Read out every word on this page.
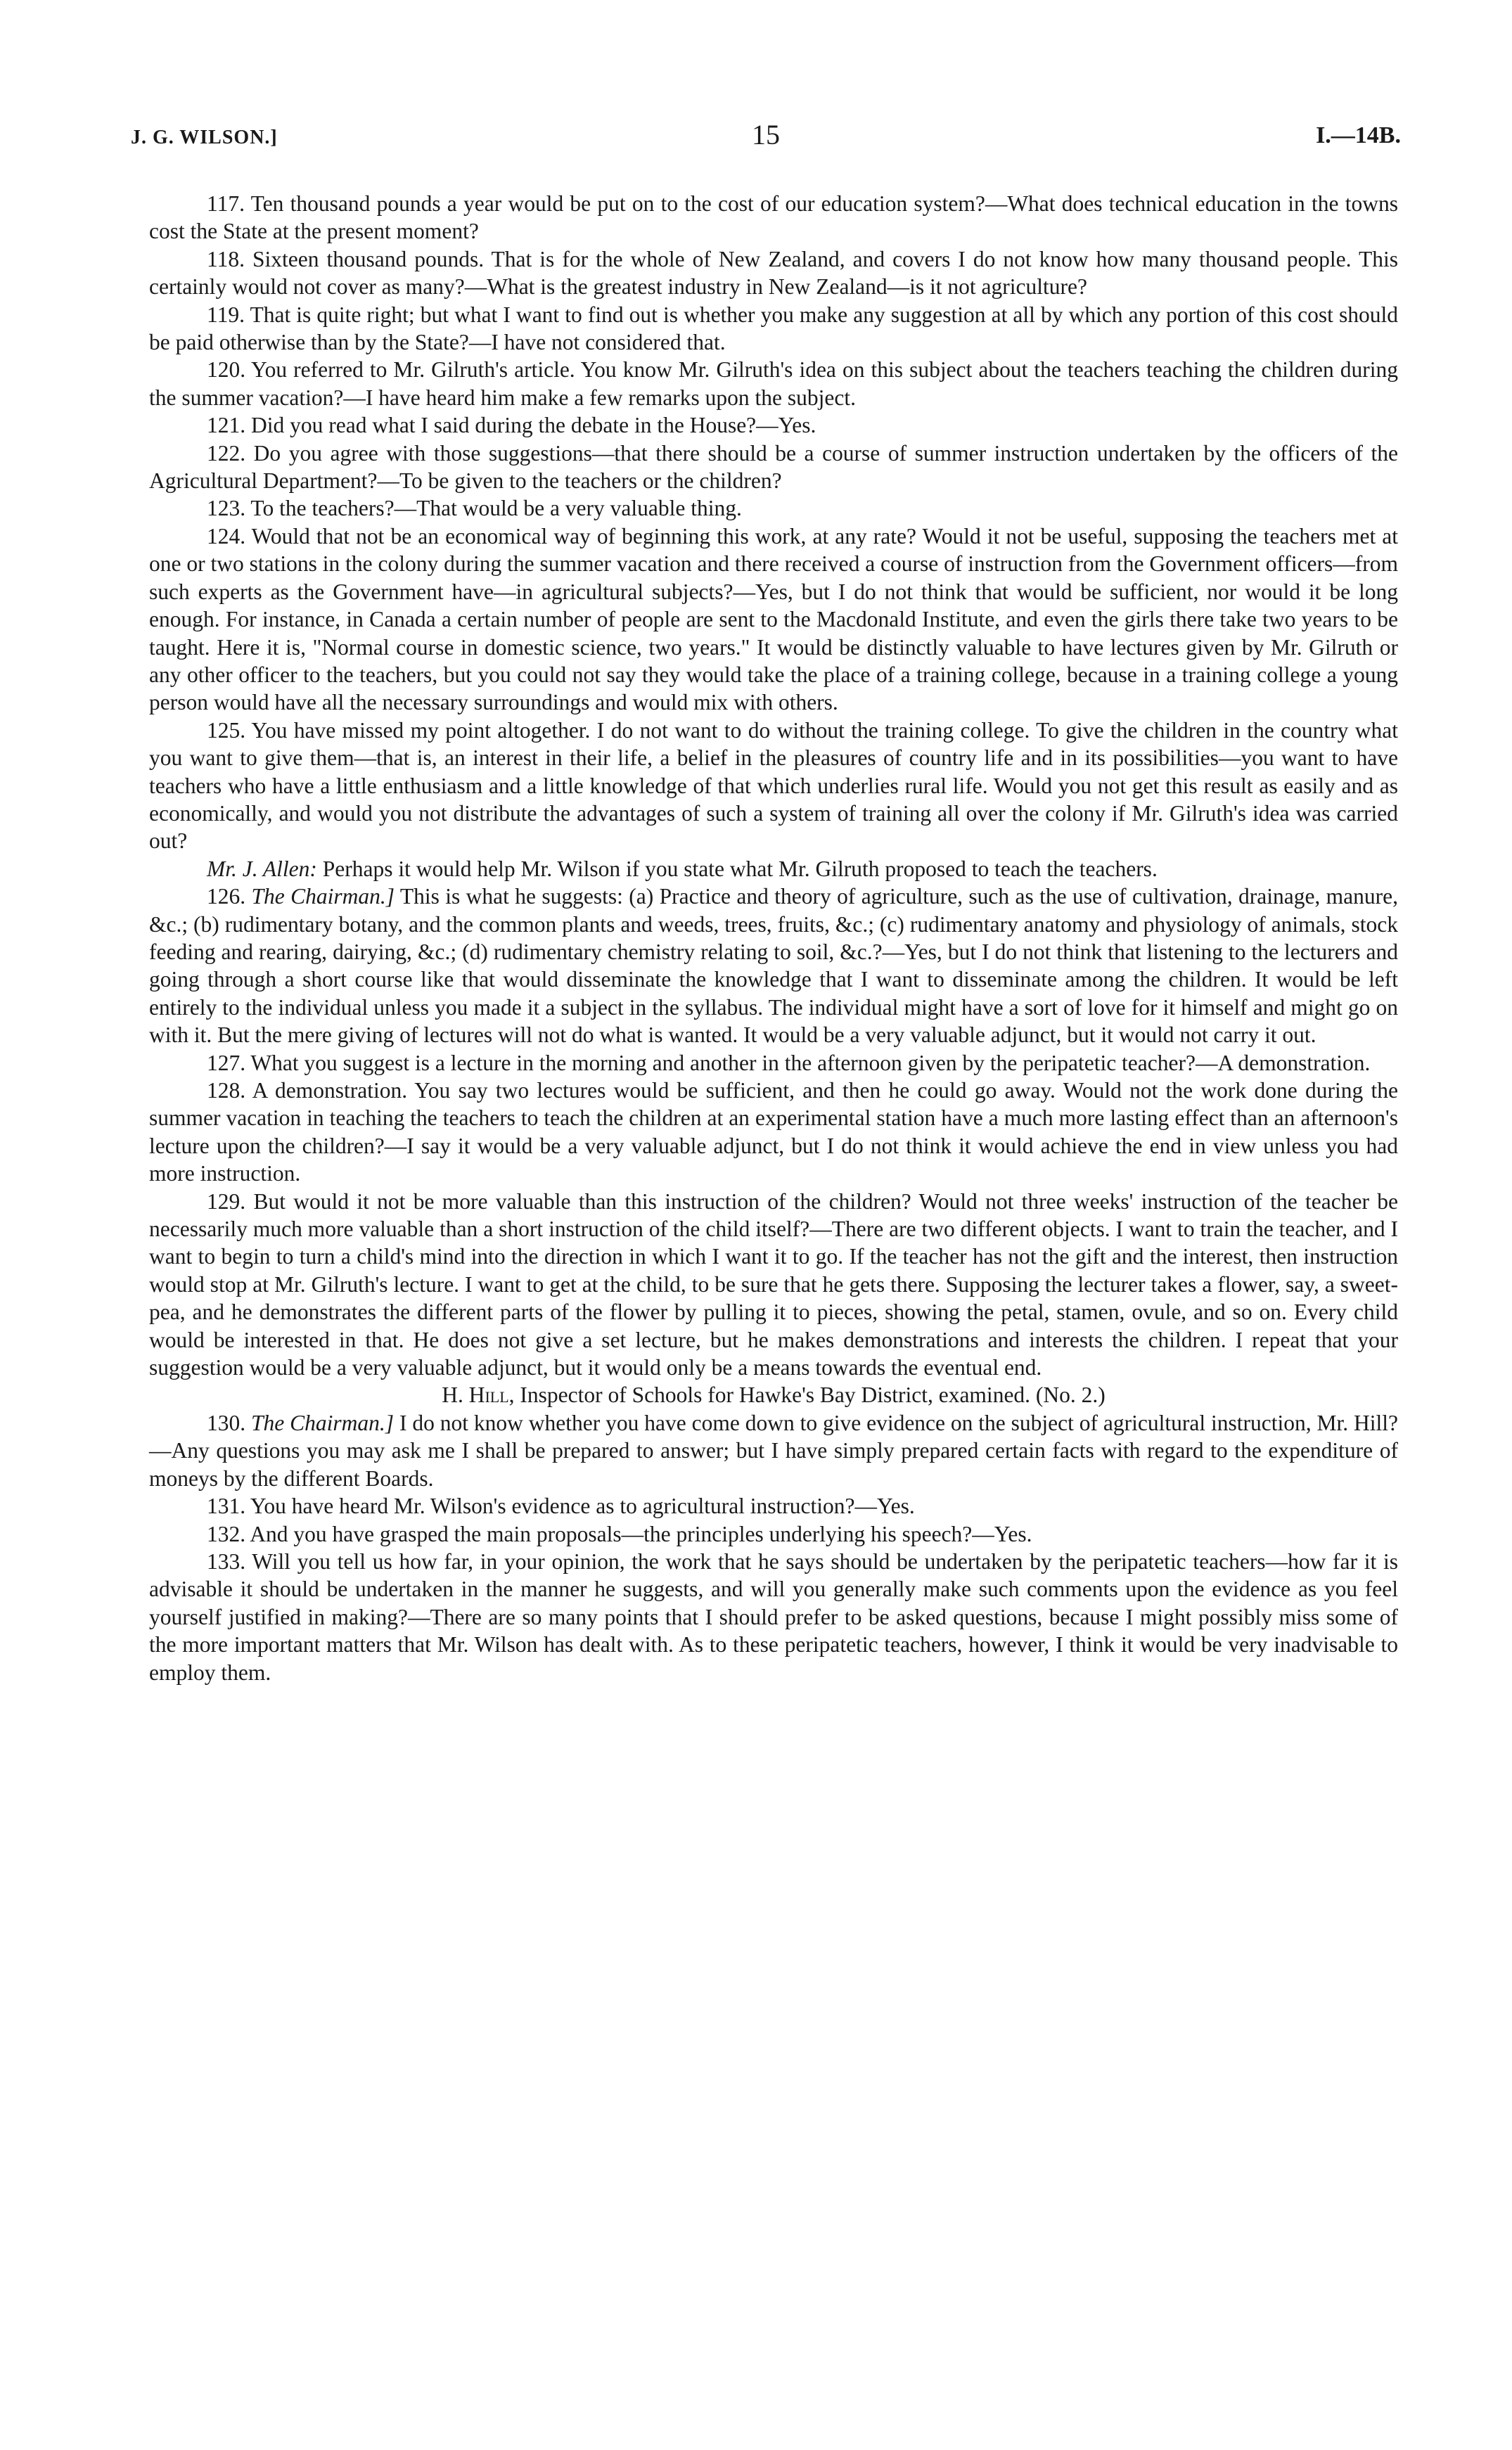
J. G. WILSON.]	15	I.—14B.

117. Ten thousand pounds a year would be put on to the cost of our education system?—What does technical education in the towns cost the State at the present moment?

118. Sixteen thousand pounds. That is for the whole of New Zealand, and covers I do not know how many thousand people. This certainly would not cover as many?—What is the greatest industry in New Zealand—is it not agriculture?

119. That is quite right; but what I want to find out is whether you make any suggestion at all by which any portion of this cost should be paid otherwise than by the State?—I have not considered that.

120. You referred to Mr. Gilruth's article. You know Mr. Gilruth's idea on this subject about the teachers teaching the children during the summer vacation?—I have heard him make a few remarks upon the subject.

121. Did you read what I said during the debate in the House?—Yes.

122. Do you agree with those suggestions—that there should be a course of summer instruction undertaken by the officers of the Agricultural Department?—To be given to the teachers or the children?

123. To the teachers?—That would be a very valuable thing.

124. Would that not be an economical way of beginning this work, at any rate? Would it not be useful, supposing the teachers met at one or two stations in the colony during the summer vacation and there received a course of instruction from the Government officers—from such experts as the Government have—in agricultural subjects?—Yes, but I do not think that would be sufficient, nor would it be long enough. For instance, in Canada a certain number of people are sent to the Macdonald Institute, and even the girls there take two years to be taught. Here it is, "Normal course in domestic science, two years." It would be distinctly valuable to have lectures given by Mr. Gilruth or any other officer to the teachers, but you could not say they would take the place of a training college, because in a training college a young person would have all the necessary surroundings and would mix with others.

125. You have missed my point altogether. I do not want to do without the training college. To give the children in the country what you want to give them—that is, an interest in their life, a belief in the pleasures of country life and in its possibilities—you want to have teachers who have a little enthusiasm and a little knowledge of that which underlies rural life. Would you not get this result as easily and as economically, and would you not distribute the advantages of such a system of training all over the colony if Mr. Gilruth's idea was carried out?

Mr. J. Allen: Perhaps it would help Mr. Wilson if you state what Mr. Gilruth proposed to teach the teachers.

126. The Chairman.] This is what he suggests: (a) Practice and theory of agriculture, such as the use of cultivation, drainage, manure, &c.; (b) rudimentary botany, and the common plants and weeds, trees, fruits, &c.; (c) rudimentary anatomy and physiology of animals, stock feeding and rearing, dairying, &c.; (d) rudimentary chemistry relating to soil, &c.?—Yes, but I do not think that listening to the lecturers and going through a short course like that would disseminate the knowledge that I want to disseminate among the children. It would be left entirely to the individual unless you made it a subject in the syllabus. The individual might have a sort of love for it himself and might go on with it. But the mere giving of lectures will not do what is wanted. It would be a very valuable adjunct, but it would not carry it out.

127. What you suggest is a lecture in the morning and another in the afternoon given by the peripatetic teacher?—A demonstration.

128. A demonstration. You say two lectures would be sufficient, and then he could go away. Would not the work done during the summer vacation in teaching the teachers to teach the children at an experimental station have a much more lasting effect than an afternoon's lecture upon the children?—I say it would be a very valuable adjunct, but I do not think it would achieve the end in view unless you had more instruction.

129. But would it not be more valuable than this instruction of the children? Would not three weeks' instruction of the teacher be necessarily much more valuable than a short instruction of the child itself?—There are two different objects. I want to train the teacher, and I want to begin to turn a child's mind into the direction in which I want it to go. If the teacher has not the gift and the interest, then instruction would stop at Mr. Gilruth's lecture. I want to get at the child, to be sure that he gets there. Supposing the lecturer takes a flower, say, a sweet-pea, and he demonstrates the different parts of the flower by pulling it to pieces, showing the petal, stamen, ovule, and so on. Every child would be interested in that. He does not give a set lecture, but he makes demonstrations and interests the children. I repeat that your suggestion would be a very valuable adjunct, but it would only be a means towards the eventual end.

H. Hill, Inspector of Schools for Hawke's Bay District, examined. (No. 2.)

130. The Chairman.] I do not know whether you have come down to give evidence on the subject of agricultural instruction, Mr. Hill?—Any questions you may ask me I shall be prepared to answer; but I have simply prepared certain facts with regard to the expenditure of moneys by the different Boards.

131. You have heard Mr. Wilson's evidence as to agricultural instruction?—Yes.

132. And you have grasped the main proposals—the principles underlying his speech?—Yes.

133. Will you tell us how far, in your opinion, the work that he says should be undertaken by the peripatetic teachers—how far it is advisable it should be undertaken in the manner he suggests, and will you generally make such comments upon the evidence as you feel yourself justified in making?—There are so many points that I should prefer to be asked questions, because I might possibly miss some of the more important matters that Mr. Wilson has dealt with. As to these peripatetic teachers, however, I think it would be very inadvisable to employ them.
